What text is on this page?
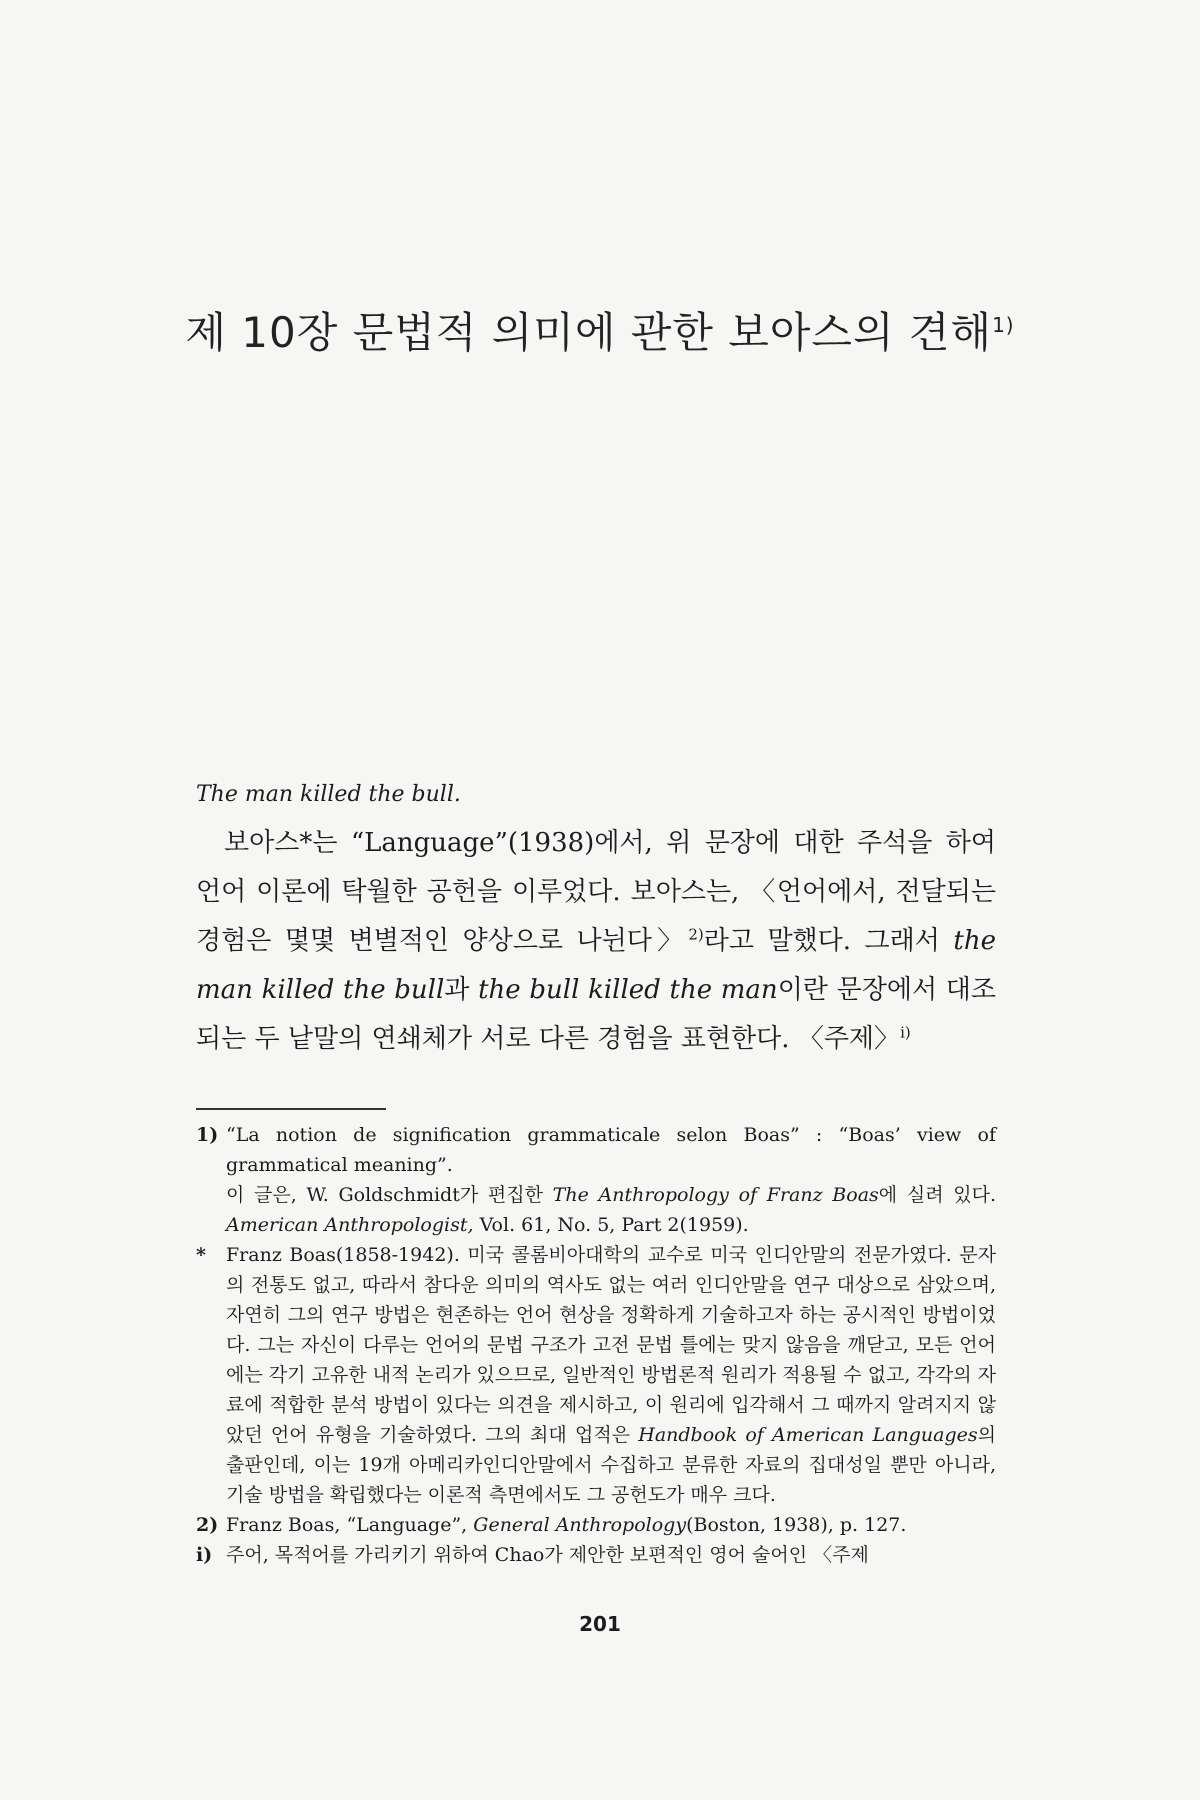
제 10장 문법적 의미에 관한 보아스의 견해$^{1)}$
The man killed the bull.

보아스*는 “Language”(1938)에서, 위 문장에 대한 주석을 하여 언어 이론에 탁월한 공헌을 이루었다. 보아스는, 〈언어에서, 전달되는 경험은 몇몇 변별적인 양상으로 나뉜다〉$^{2)}$라고 말했다. 그래서 the man killed the bull과 the bull killed the man이란 문장에서 대조되는 두 낱말의 연쇄체가 서로 다른 경험을 표현한다. 〈주제〉$^{i)}$

1) “La notion de signification grammaticale selon Boas” : “Boas’ view of grammatical meaning”.
이 글은, W. Goldschmidt가 편집한 The Anthropology of Franz Boas에 실려 있다. American Anthropologist, Vol. 61, No. 5, Part 2(1959).
* Franz Boas(1858-1942). 미국 콜롬비아대학의 교수로 미국 인디안말의 전문가였다. 문자의 전통도 없고, 따라서 참다운 의미의 역사도 없는 여러 인디안말을 연구 대상으로 삼았으며, 자연히 그의 연구 방법은 현존하는 언어 현상을 정확하게 기술하고자 하는 공시적인 방법이었다. 그는 자신이 다루는 언어의 문법 구조가 고전 문법 틀에는 맞지 않음을 깨닫고, 모든 언어에는 각기 고유한 내적 논리가 있으므로, 일반적인 방법론적 원리가 적용될 수 없고, 각각의 자료에 적합한 분석 방법이 있다는 의견을 제시하고, 이 원리에 입각해서 그 때까지 알려지지 않았던 언어 유형을 기술하였다. 그의 최대 업적은 Handbook of American Languages의 출판인데, 이는 19개 아메리카인디안말에서 수집하고 분류한 자료의 집대성일 뿐만 아니라, 기술 방법을 확립했다는 이론적 측면에서도 그 공헌도가 매우 크다.
2) Franz Boas, “Language”, General Anthropology(Boston, 1938), p. 127.
i) 주어, 목적어를 가리키기 위하여 Chao가 제안한 보편적인 영어 술어인 〈주제
201
